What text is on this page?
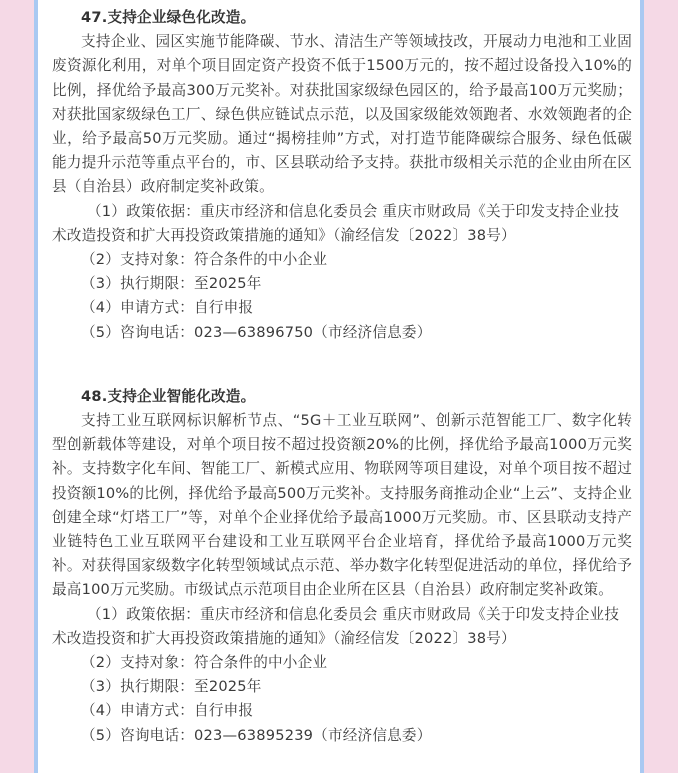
47.支持企业绿色化改造。

支持企业、园区实施节能降碳、节水、清洁生产等领域技改，开展动力电池和工业固废资源化利用，对单个项目固定资产投资不低于1500万元的，按不超过设备投入10%的比例，择优给予最高300万元奖补。对获批国家级绿色园区的，给予最高100万元奖励；对获批国家级绿色工厂、绿色供应链试点示范，以及国家级能效领跑者、水效领跑者的企业，给予最高50万元奖励。通过“揭榜挂帅”方式，对打造节能降碳综合服务、绿色低碳能力提升示范等重点平台的，市、区县联动给予支持。获批市级相关示范的企业由所在区县（自治县）政府制定奖补政策。

（1）政策依据：重庆市经济和信息化委员会 重庆市财政局《关于印发支持企业技术改造投资和扩大再投资政策措施的通知》（渝经信发〔2022〕38号）

（2）支持对象：符合条件的中小企业

（3）执行期限：至2025年

（4）申请方式：自行申报

（5）咨询电话：023—63896750（市经济信息委）

48.支持企业智能化改造。

支持工业互联网标识解析节点、“5G＋工业互联网”、创新示范智能工厂、数字化转型创新载体等建设，对单个项目按不超过投资额20%的比例，择优给予最高1000万元奖补。支持数字化车间、智能工厂、新模式应用、物联网等项目建设，对单个项目按不超过投资额10%的比例，择优给予最高500万元奖补。支持服务商推动企业“上云”、支持企业创建全球“灯塔工厂”等，对单个企业择优给予最高1000万元奖励。市、区县联动支持产业链特色工业互联网平台建设和工业互联网平台企业培育，择优给予最高1000万元奖补。对获得国家级数字化转型领域试点示范、举办数字化转型促进活动的单位，择优给予最高100万元奖励。市级试点示范项目由企业所在区县（自治县）政府制定奖补政策。

（1）政策依据：重庆市经济和信息化委员会 重庆市财政局《关于印发支持企业技术改造投资和扩大再投资政策措施的通知》（渝经信发〔2022〕38号）

（2）支持对象：符合条件的中小企业

（3）执行期限：至2025年

（4）申请方式：自行申报

（5）咨询电话：023—63895239（市经济信息委）
